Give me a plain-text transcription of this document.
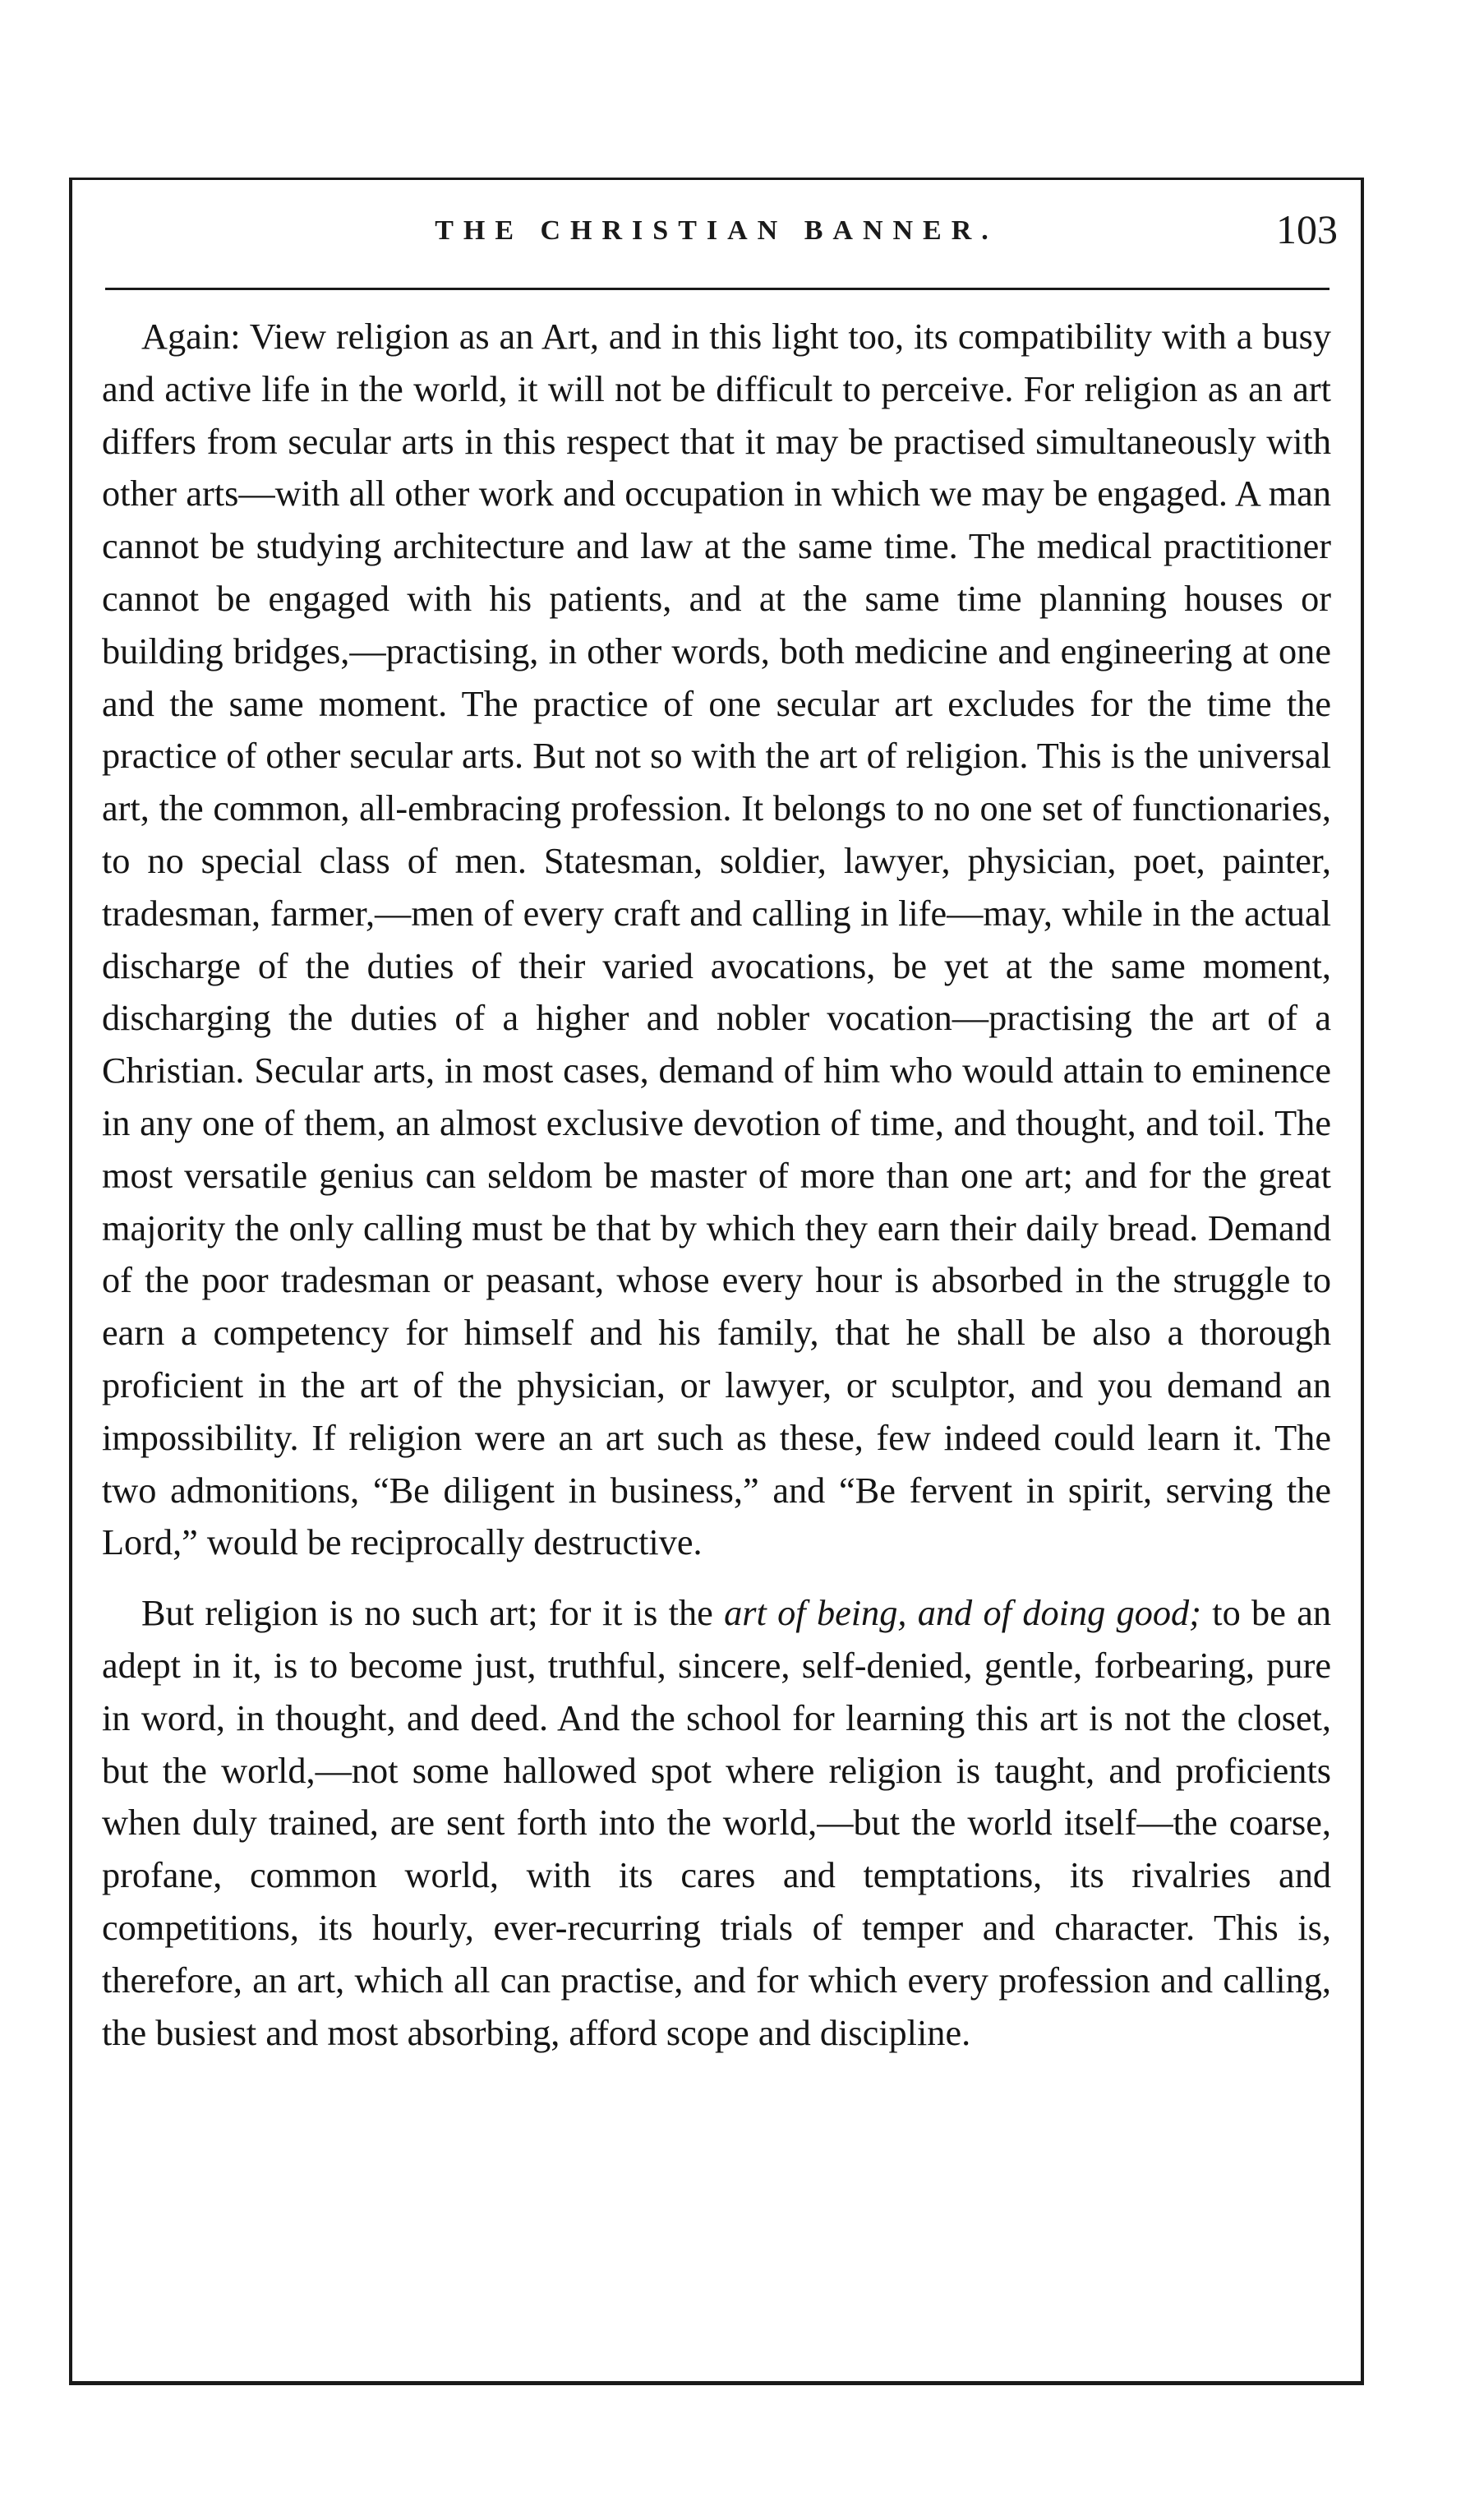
THE CHRISTIAN BANNER.	103

Again: View religion as an Art, and in this light too, its compatibility with a busy and active life in the world, it will not be difficult to perceive. For religion as an art differs from secular arts in this respect that it may be practised simultaneously with other arts—with all other work and occupation in which we may be engaged. A man cannot be studying architecture and law at the same time. The medical practitioner cannot be engaged with his patients, and at the same time planning houses or building bridges,—practising, in other words, both medicine and engineering at one and the same moment. The practice of one secular art excludes for the time the practice of other secular arts. But not so with the art of religion. This is the universal art, the common, all-embracing profession. It belongs to no one set of functionaries, to no special class of men. Statesman, soldier, lawyer, physician, poet, painter, tradesman, farmer,—men of every craft and calling in life—may, while in the actual discharge of the duties of their varied avocations, be yet at the same moment, discharging the duties of a higher and nobler vocation—practising the art of a Christian. Secular arts, in most cases, demand of him who would attain to eminence in any one of them, an almost exclusive devotion of time, and thought, and toil. The most versatile genius can seldom be master of more than one art; and for the great majority the only calling must be that by which they earn their daily bread. Demand of the poor tradesman or peasant, whose every hour is absorbed in the struggle to earn a competency for himself and his family, that he shall be also a thorough proficient in the art of the physician, or lawyer, or sculptor, and you demand an impossibility. If religion were an art such as these, few indeed could learn it. The two admonitions, “Be diligent in business,” and “Be fervent in spirit, serving the Lord,” would be reciprocally destructive.

But religion is no such art; for it is the art of being, and of doing good; to be an adept in it, is to become just, truthful, sincere, self-denied, gentle, forbearing, pure in word, in thought, and deed. And the school for learning this art is not the closet, but the world,—not some hallowed spot where religion is taught, and proficients when duly trained, are sent forth into the world,—but the world itself—the coarse, profane, common world, with its cares and temptations, its rivalries and competitions, its hourly, ever-recurring trials of temper and character. This is, therefore, an art, which all can practise, and for which every profession and calling, the busiest and most absorbing, afford scope and discipline.
